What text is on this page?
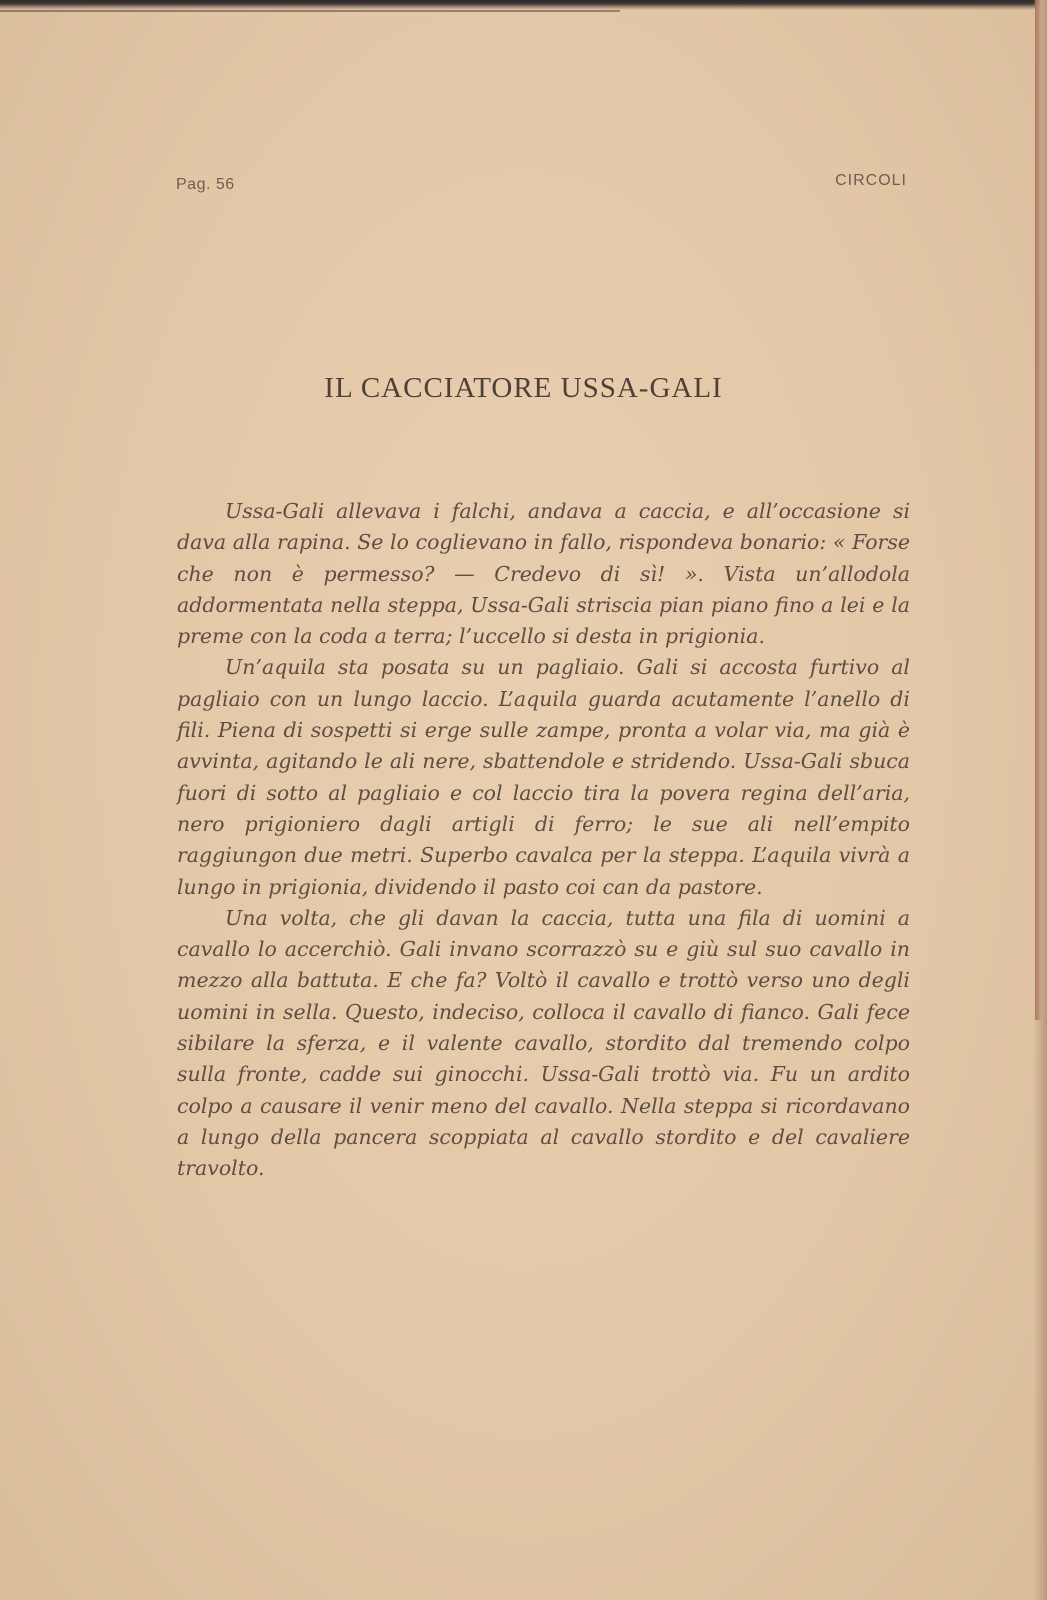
Pag. 56	CIRCOLI
IL CACCIATORE USSA-GALI

Ussa-Gali allevava i falchi, andava a caccia, e all’occasione si dava alla rapina. Se lo coglievano in fallo, rispondeva bonario: « Forse che non è permesso? — Credevo di sì! ». Vista un’allodola addormentata nella steppa, Ussa-Gali striscia pian piano fino a lei e la preme con la coda a terra; l’uccello si desta in prigionia.

Un’aquila sta posata su un pagliaio. Gali si accosta furtivo al pagliaio con un lungo laccio. L’aquila guarda acutamente l’anello di fili. Piena di sospetti si erge sulle zampe, pronta a volar via, ma già è avvinta, agitando le ali nere, sbattendole e stridendo. Ussa-Gali sbuca fuori di sotto al pagliaio e col laccio tira la povera regina dell’aria, nero prigioniero dagli artigli di ferro; le sue ali nell’empito raggiungon due metri. Superbo cavalca per la steppa. L’aquila vivrà a lungo in prigionia, dividendo il pasto coi can da pastore.

Una volta, che gli davan la caccia, tutta una fila di uomini a cavallo lo accerchiò. Gali invano scorrazzò su e giù sul suo cavallo in mezzo alla battuta. E che fa? Voltò il cavallo e trottò verso uno degli uomini in sella. Questo, indeciso, colloca il cavallo di fianco. Gali fece sibilare la sferza, e il valente cavallo, stordito dal tremendo colpo sulla fronte, cadde sui ginocchi. Ussa-Gali trottò via. Fu un ardito colpo a causare il venir meno del cavallo. Nella steppa si ricordavano a lungo della pancera scoppiata al cavallo stordito e del cavaliere travolto.
